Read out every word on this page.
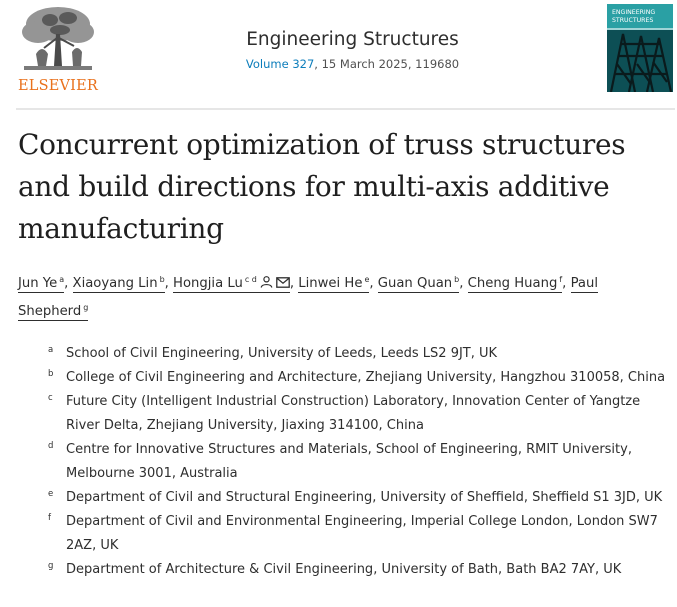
ELSEVIER
Engineering Structures
Volume 327, 15 March 2025, 119680
ENGINEERING
STRUCTURES
Concurrent optimization of truss structures and build directions for multi-axis additive manufacturing

Jun Ye $^a$, Xiaoyang Lin $^b$, Hongjia Lu $^{c d}$	, Linwei He $^e$, Guan Quan $^b$, Cheng Huang $^f$, Paul Shepherd $^g$

a School of Civil Engineering, University of Leeds, Leeds LS2 9JT, UK
b College of Civil Engineering and Architecture, Zhejiang University, Hangzhou 310058, China
c Future City (Intelligent Industrial Construction) Laboratory, Innovation Center of Yangtze River Delta, Zhejiang University, Jiaxing 314100, China
d Centre for Innovative Structures and Materials, School of Engineering, RMIT University, Melbourne 3001, Australia
e Department of Civil and Structural Engineering, University of Sheffield, Sheffield S1 3JD, UK
f Department of Civil and Environmental Engineering, Imperial College London, London SW7 2AZ, UK
g Department of Architecture & Civil Engineering, University of Bath, Bath BA2 7AY, UK
